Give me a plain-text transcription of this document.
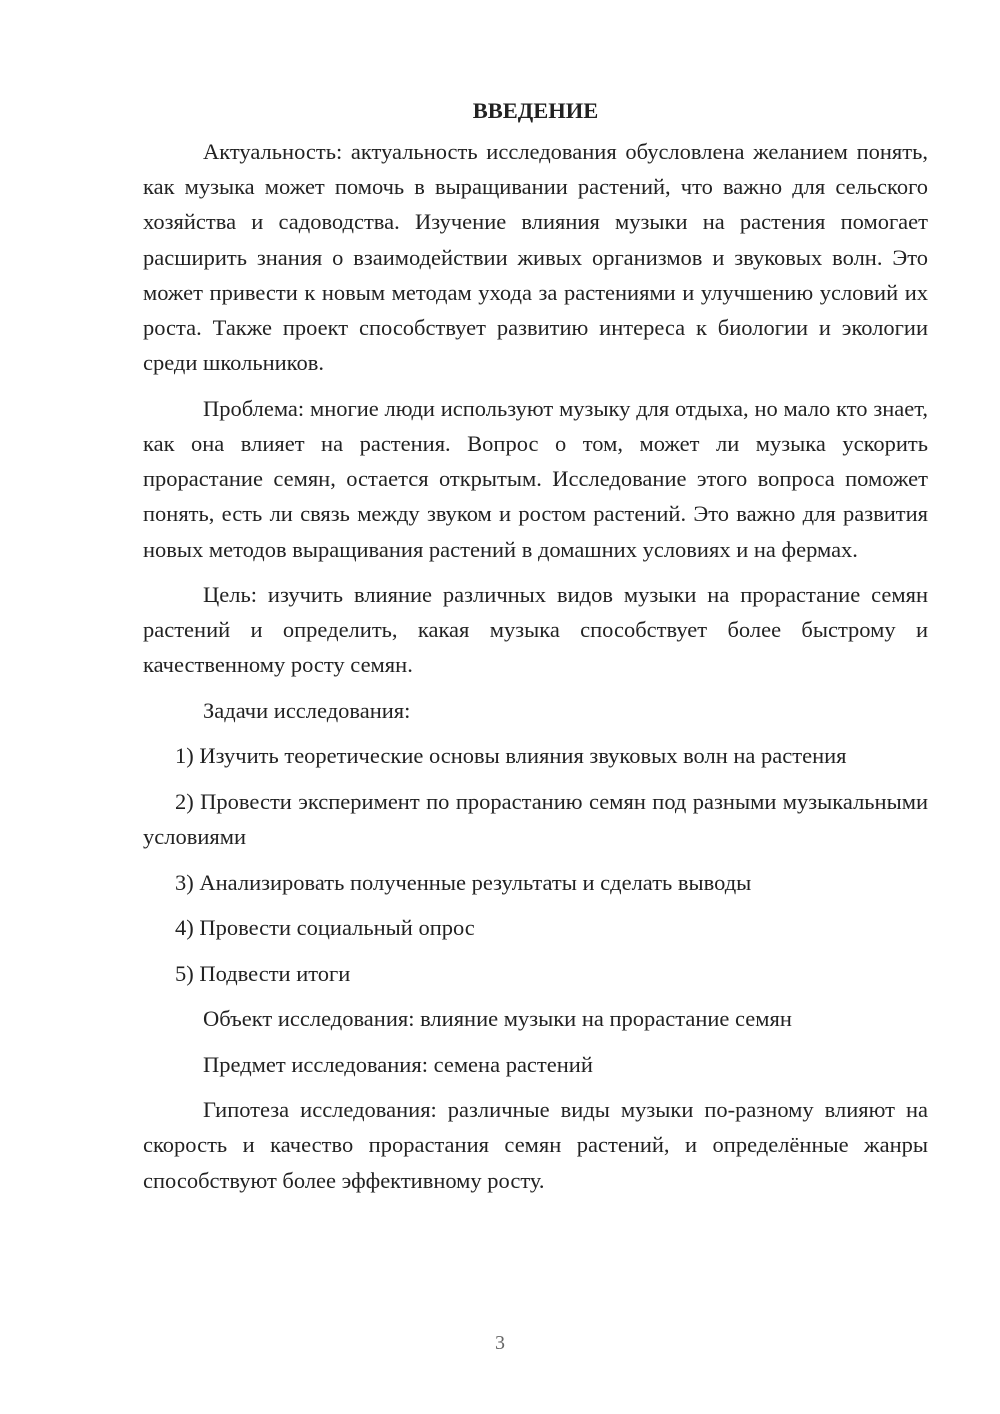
ВВЕДЕНИЕ

Актуальность: актуальность исследования обусловлена желанием понять, как музыка может помочь в выращивании растений, что важно для сельского хозяйства и садоводства. Изучение влияния музыки на растения помогает расширить знания о взаимодействии живых организмов и звуковых волн. Это может привести к новым методам ухода за растениями и улучшению условий их роста. Также проект способствует развитию интереса к биологии и экологии среди школьников.

Проблема: многие люди используют музыку для отдыха, но мало кто знает, как она влияет на растения. Вопрос о том, может ли музыка ускорить прорастание семян, остается открытым. Исследование этого вопроса поможет понять, есть ли связь между звуком и ростом растений. Это важно для развития новых методов выращивания растений в домашних условиях и на фермах.

Цель: изучить влияние различных видов музыки на прорастание семян растений и определить, какая музыка способствует более быстрому и качественному росту семян.

Задачи исследования:

1) Изучить теоретические основы влияния звуковых волн на растения

2) Провести эксперимент по прорастанию семян под разными музыкальными условиями

3) Анализировать полученные результаты и сделать выводы

4) Провести социальный опрос

5) Подвести итоги

Объект исследования: влияние музыки на прорастание семян

Предмет исследования: семена растений

Гипотеза исследования: различные виды музыки по-разному влияют на скорость и качество прорастания семян растений, и определённые жанры способствуют более эффективному росту.

3
